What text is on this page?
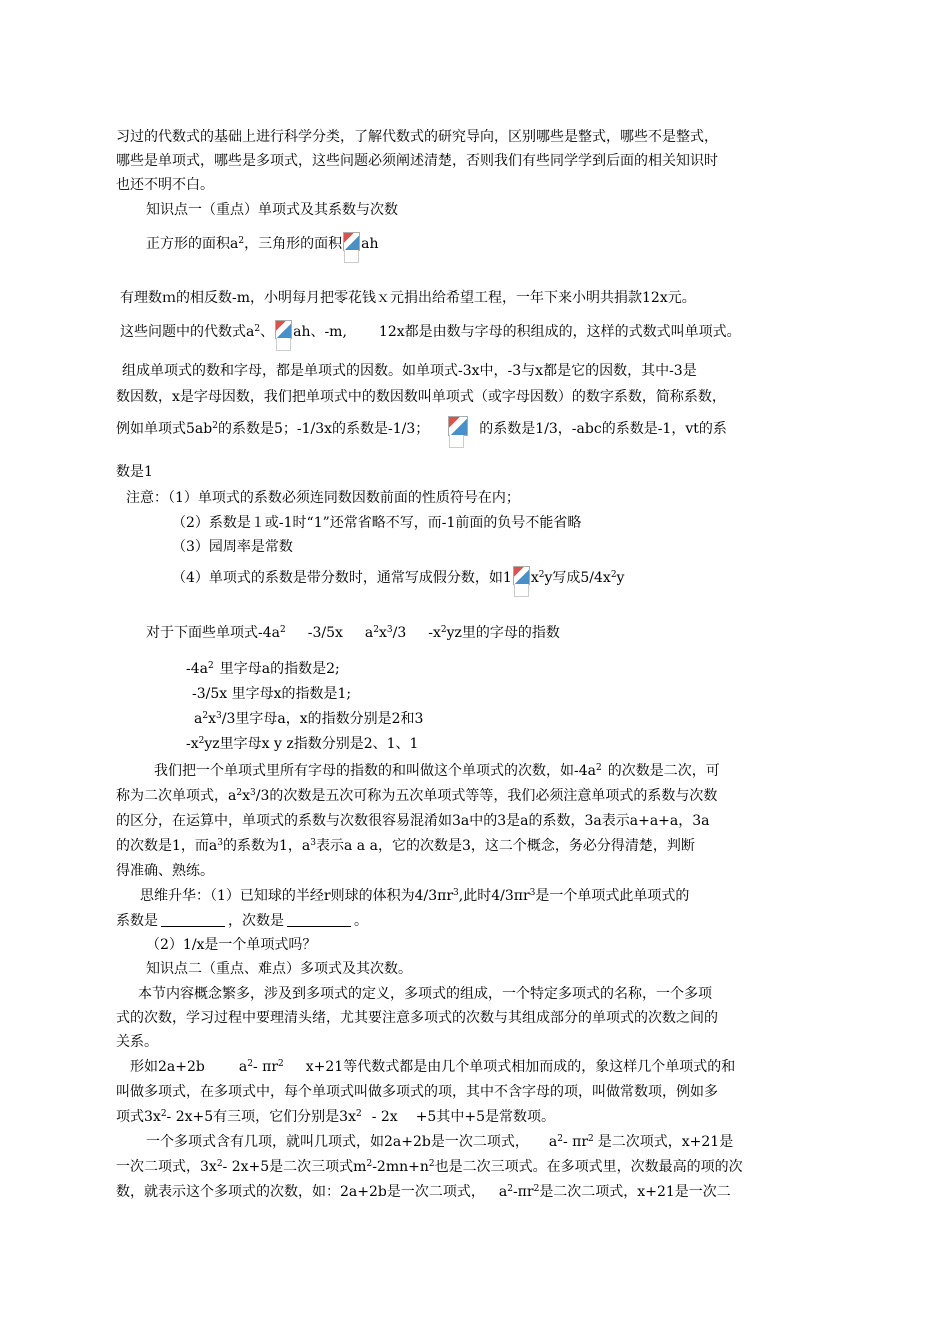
习过的代数式的基础上进行科学分类，了解代数式的研究导向，区别哪些是整式，哪些不是整式，
哪些是单项式，哪些是多项式，这些问题必须阐述清楚，否则我们有些同学学到后面的相关知识时
也还不明不白。
知识点一（重点）单项式及其系数与次数
正方形的面积$a^2$，三角形的面积 ah
有理数ｍ的相反数-m，小明每月把零花钱ｘ元捐出给希望工程，一年下来小明共捐款12x元。
这些问题中的代数式$a^2$、 ah、-m, 12x都是由数与字母的积组成的，这样的式数式叫单项式。
组成单项式的数和字母，都是单项式的因数。如单项式-3x中，-3与x都是它的因数，其中-3是
数因数，x是字母因数，我们把单项式中的数因数叫单项式（或字母因数）的数字系数，简称系数，
例如单项式$5ab^2$的系数是5；-1/3x的系数是-1/3；	的系数是1/3，-abc的系数是-1，vt的系
数是1
注意：（1）单项式的系数必须连同数因数前面的性质符号在内；
（2）系数是１或-1时“1”还常省略不写，而-1前面的负号不能省略
（3）园周率是常数
（4）单项式的系数是带分数时，通常写成假分数，如1 $x^2y$写成$5/4x^2y$
对于下面些单项式$-4a^2$ -3/5x $a^2x^3/3$ $-x^2yz$里的字母的指数
$-4a^2$ 里字母a的指数是2;
-3/5x 里字母x的指数是1;
$a^2x^3/3$里字母a，x的指数分别是2和3
$-x^2yz$里字母x y z指数分别是2、1、1
我们把一个单项式里所有字母的指数的和叫做这个单项式的次数，如$-4a^2$ 的次数是二次，可
称为二次单项式，$a^2x^3/3$的次数是五次可称为五次单项式等等，我们必须注意单项式的系数与次数
的区分，在运算中，单项式的系数与次数很容易混淆如3a中的3是a的系数，3a表示a+a+a，3a
的次数是1，而$a^3$的系数为1，$a^3$表示a a a，它的次数是3，这二个概念，务必分得清楚，判断
得准确、熟练。
思维升华：（1）已知球的半经r则球的体积为$4/3\pi r^3$,此时$4/3\pi r^3$是一个单项式此单项式的
系数是	，次数是	。
（2）1/x是一个单项式吗？
知识点二（重点、难点）多项式及其次数。
本节内容概念繁多，涉及到多项式的定义，多项式的组成，一个特定多项式的名称，一个多项
式的次数，学习过程中要理清头绪，尤其要注意多项式的次数与其组成部分的单项式的次数之间的
关系。
形如2a+2b $a^2-$ $\pi r^2$ x+21等代数式都是由几个单项式相加而成的，象这样几个单项式的和
叫做多项式，在多项式中，每个单项式叫做多项式的项，其中不含字母的项，叫做常数项，例如多
项式$3x^2-$ 2x+5有三项，它们分别是$3x^2 - 2x +5$其中+5是常数项。
一个多项式含有几项，就叫几项式，如2a+2b是一次二项式， $a^2-$ $\pi r^2$ 是二次项式，x+21是
一次二项式，$3x^2-$ 2x+5是二次三项式$m^2-2mn+n^2$也是二次三项式。在多项式里，次数最高的项的次
数，就表示这个多项式的次数，如：2a+2b是一次二项式， $a^2-\pi r^2$是二次二项式，x+21是一次二
